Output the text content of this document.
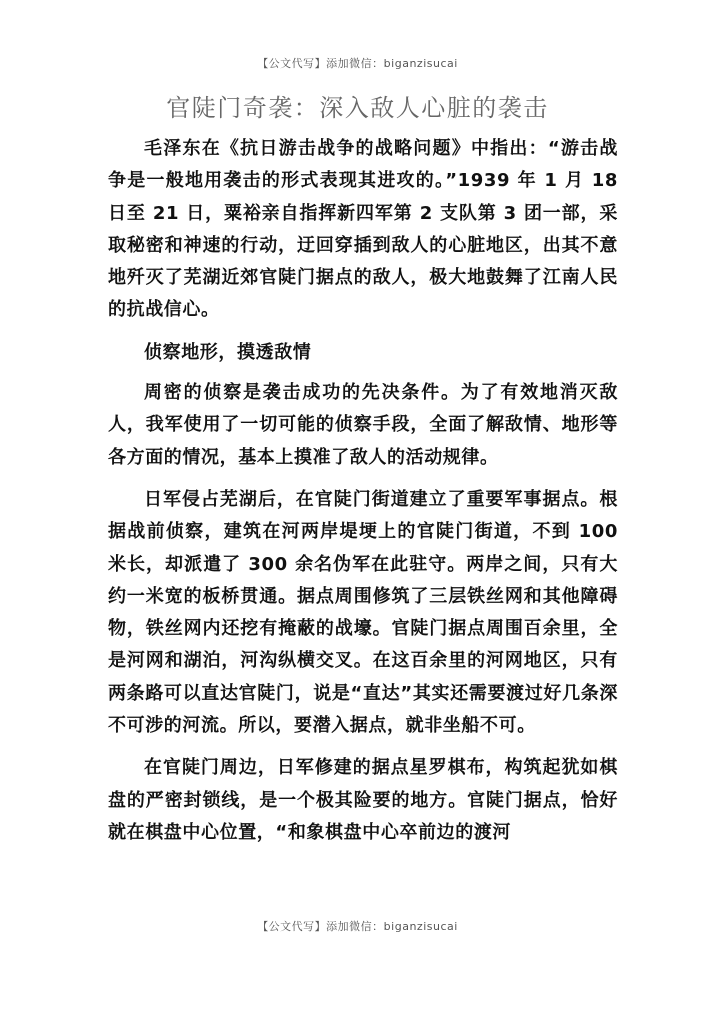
【公文代写】添加微信：biganzisucai
官陡门奇袭：深入敌人心脏的袭击

毛泽东在《抗日游击战争的战略问题》中指出：“游击战争是一般地用袭击的形式表现其进攻的。”1939 年 1 月 18 日至 21 日，粟裕亲自指挥新四军第 2 支队第 3 团一部，采取秘密和神速的行动，迂回穿插到敌人的心脏地区，出其不意地歼灭了芜湖近郊官陡门据点的敌人，极大地鼓舞了江南人民的抗战信心。

侦察地形，摸透敌情

周密的侦察是袭击成功的先决条件。为了有效地消灭敌人，我军使用了一切可能的侦察手段，全面了解敌情、地形等各方面的情况，基本上摸准了敌人的活动规律。

日军侵占芜湖后，在官陡门街道建立了重要军事据点。根据战前侦察，建筑在河两岸堤埂上的官陡门街道，不到 100 米长，却派遣了 300 余名伪军在此驻守。两岸之间，只有大约一米宽的板桥贯通。据点周围修筑了三层铁丝网和其他障碍物，铁丝网内还挖有掩蔽的战壕。官陡门据点周围百余里，全是河网和湖泊，河沟纵横交叉。在这百余里的河网地区，只有两条路可以直达官陡门，说是“直达”其实还需要渡过好几条深不可涉的河流。所以，要潜入据点，就非坐船不可。

在官陡门周边，日军修建的据点星罗棋布，构筑起犹如棋盘的严密封锁线，是一个极其险要的地方。官陡门据点，恰好就在棋盘中心位置，“和象棋盘中心卒前边的渡河

【公文代写】添加微信：biganzisucai
